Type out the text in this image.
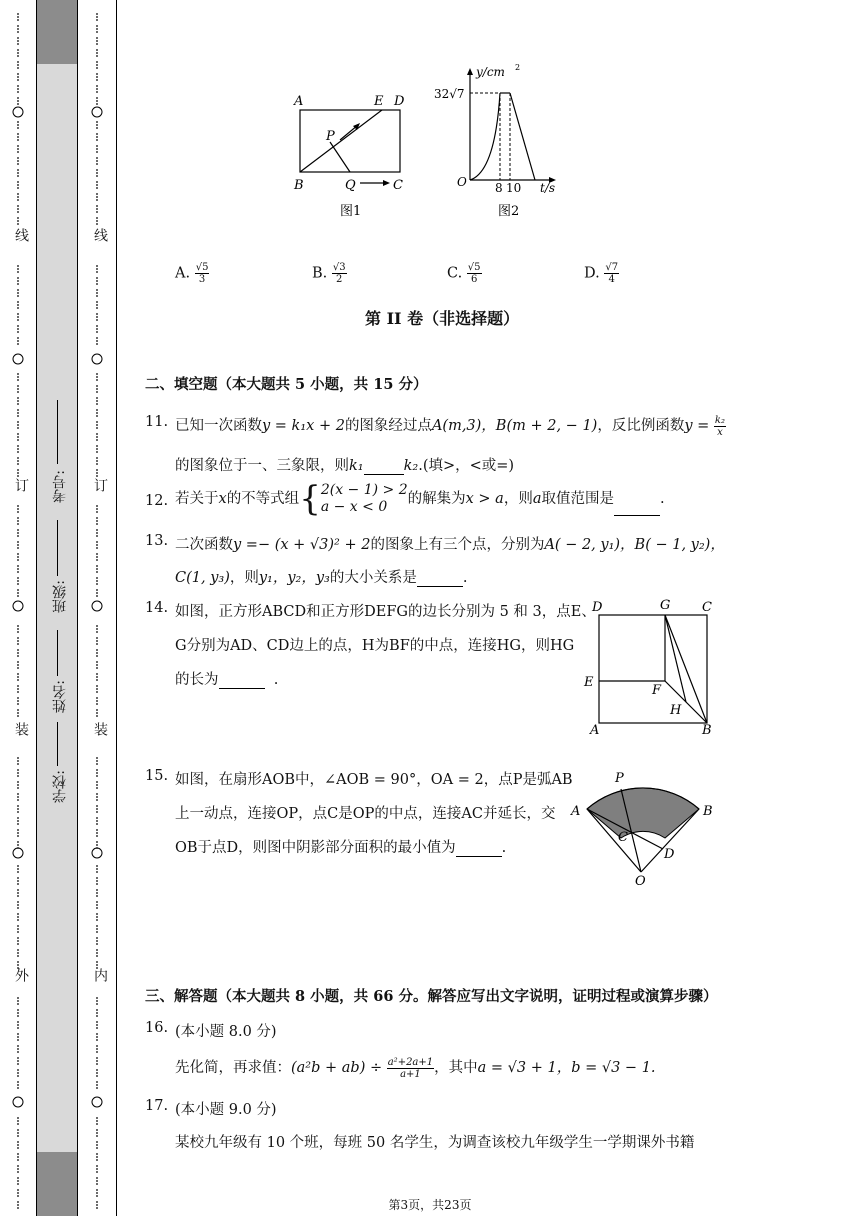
线
订
装
外
学校:
姓名:
班级:
考号:
线
订
装
内
A	E D
P
B	Q	C
图1
y/cm 2
32√7
O 8 10 t/s
图2
A. $\frac{√5}{3}$	B. $\frac{√3}{2}$	C. $\frac{√5}{6}$	D. $\frac{√7}{4}$
第 II 卷（非选择题）
二、填空题（本大题共 5 小题，共 15 分）
11. 已知一次函数y = k₁x + 2的图象经过点A(m,3)，B(m + 2, − 1)，反比例函数$y = \frac{\text{k₂}}{x}$
的图象位于一、三象限，则k₁	k₂.(填>，<或=)
12. 若关于x的不等式组{ 2(x − 1) > 2
a − x < 0	的解集为x > a，则a取值范围是	.
13. 二次函数y =− (x + √3)² + 2的图象上有三个点，分别为A( − 2, y₁)，B( − 1, y₂)，
C(1, y₃)，则y₁，y₂，y₃的大小关系是	.
14. 如图，正方形ABCD和正方形DEFG的边长分别为 5 和 3，点E、
G分别为AD、CD边上的点，H为BF的中点，连接HG，则HG
的长为	.
15. 如图，在扇形AOB中，∠AOB = 90°，OA = 2，点P是弧AB
上一动点，连接OP，点C是OP的中点，连接AC并延长，交
OB于点D，则图中阴影部分面积的最小值为	.
三、解答题（本大题共 8 小题，共 66 分。解答应写出文字说明，证明过程或演算步骤）
16. (本小题 8.0 分)
先化简，再求值：$(a^2b + ab) \div \frac{\text{a²+2a+1}}{a+1}$ ，其中a = √3 + 1，b = √3 − 1.
17. (本小题 9.0 分)
某校九年级有 10 个班，每班 50 名学生，为调查该校九年级学生一学期课外书籍
D	G C
E
F
H
A	B
P
A	B
C
D
O
第3页，共23页
